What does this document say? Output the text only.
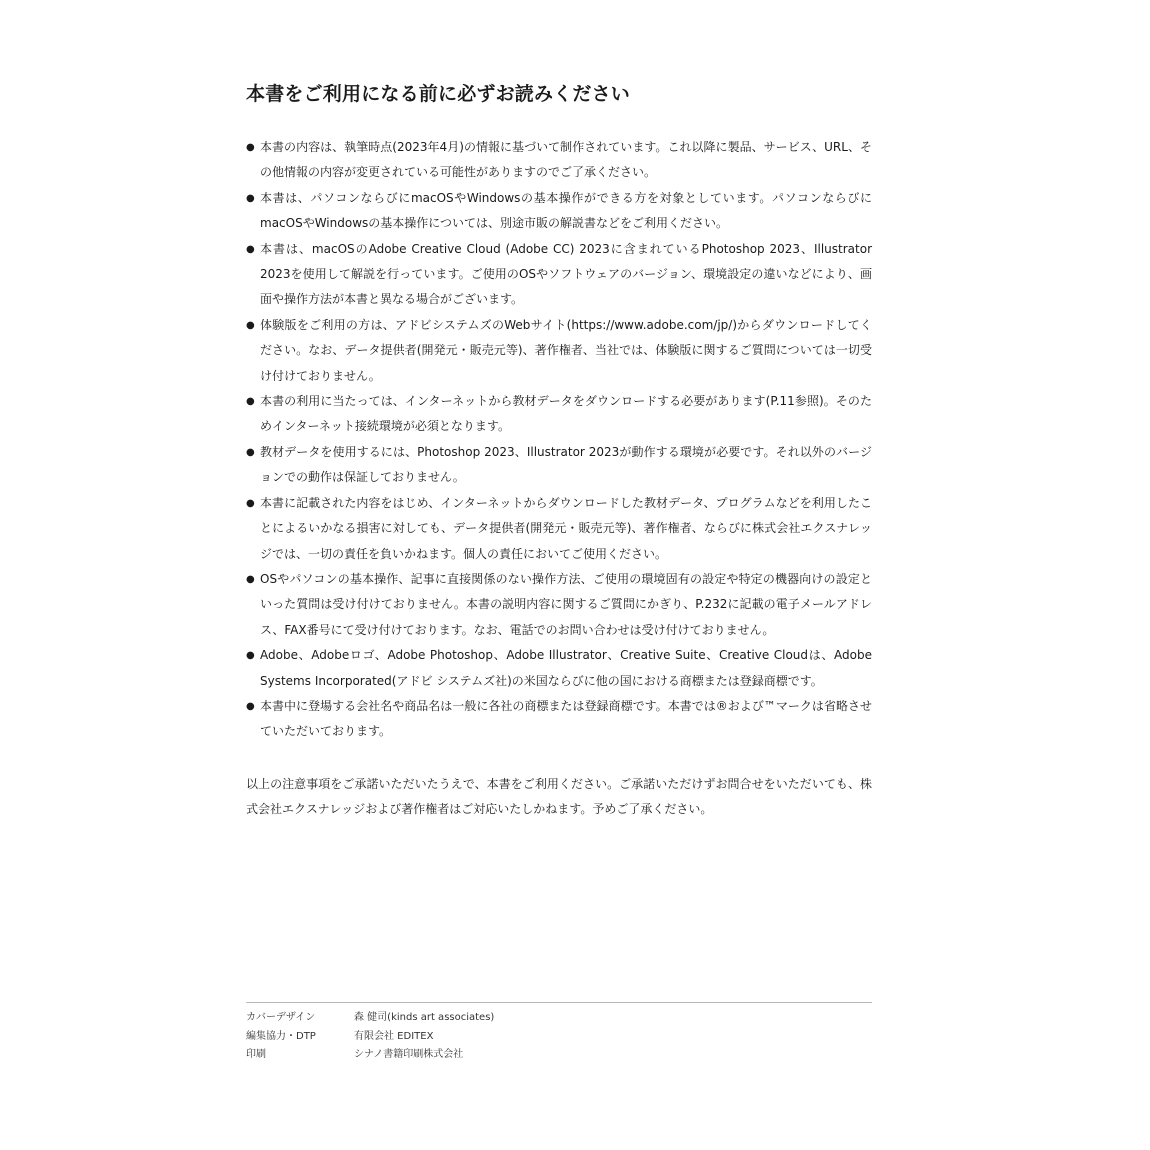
本書をご利用になる前に必ずお読みください
● 本書の内容は、執筆時点(2023年4月)の情報に基づいて制作されています。これ以降に製品、サービス、URL、その他情報の内容が変更されている可能性がありますのでご了承ください。
● 本書は、パソコンならびにmacOSやWindowsの基本操作ができる方を対象としています。パソコンならびにmacOSやWindowsの基本操作については、別途市販の解説書などをご利用ください。
● 本書は、macOSのAdobe Creative Cloud (Adobe CC) 2023に含まれているPhotoshop 2023、Illustrator 2023を使用して解説を行っています。ご使用のOSやソフトウェアのバージョン、環境設定の違いなどにより、画面や操作方法が本書と異なる場合がございます。
● 体験版をご利用の方は、アドビシステムズのWebサイト(https://www.adobe.com/jp/)からダウンロードしてください。なお、データ提供者(開発元・販売元等)、著作権者、当社では、体験版に関するご質問については一切受け付けておりません。
● 本書の利用に当たっては、インターネットから教材データをダウンロードする必要があります(P.11参照)。そのためインターネット接続環境が必須となります。
● 教材データを使用するには、Photoshop 2023、Illustrator 2023が動作する環境が必要です。それ以外のバージョンでの動作は保証しておりません。
● 本書に記載された内容をはじめ、インターネットからダウンロードした教材データ、プログラムなどを利用したことによるいかなる損害に対しても、データ提供者(開発元・販売元等)、著作権者、ならびに株式会社エクスナレッジでは、一切の責任を負いかねます。個人の責任においてご使用ください。
● OSやパソコンの基本操作、記事に直接関係のない操作方法、ご使用の環境固有の設定や特定の機器向けの設定といった質問は受け付けておりません。本書の説明内容に関するご質問にかぎり、P.232に記載の電子メールアドレス、FAX番号にて受け付けております。なお、電話でのお問い合わせは受け付けておりません。
● Adobe、Adobeロゴ、Adobe Photoshop、Adobe Illustrator、Creative Suite、Creative Cloudは、Adobe Systems Incorporated(アドビ システムズ社)の米国ならびに他の国における商標または登録商標です。
● 本書中に登場する会社名や商品名は一般に各社の商標または登録商標です。本書では®および™マークは省略させていただいております。

以上の注意事項をご承諾いただいたうえで、本書をご利用ください。ご承諾いただけずお問合せをいただいても、株式会社エクスナレッジおよび著作権者はご対応いたしかねます。予めご了承ください。

カバーデザイン	森 健司(kinds art associates)
編集協力・DTP	有限会社 EDITEX
印刷	シナノ書籍印刷株式会社
